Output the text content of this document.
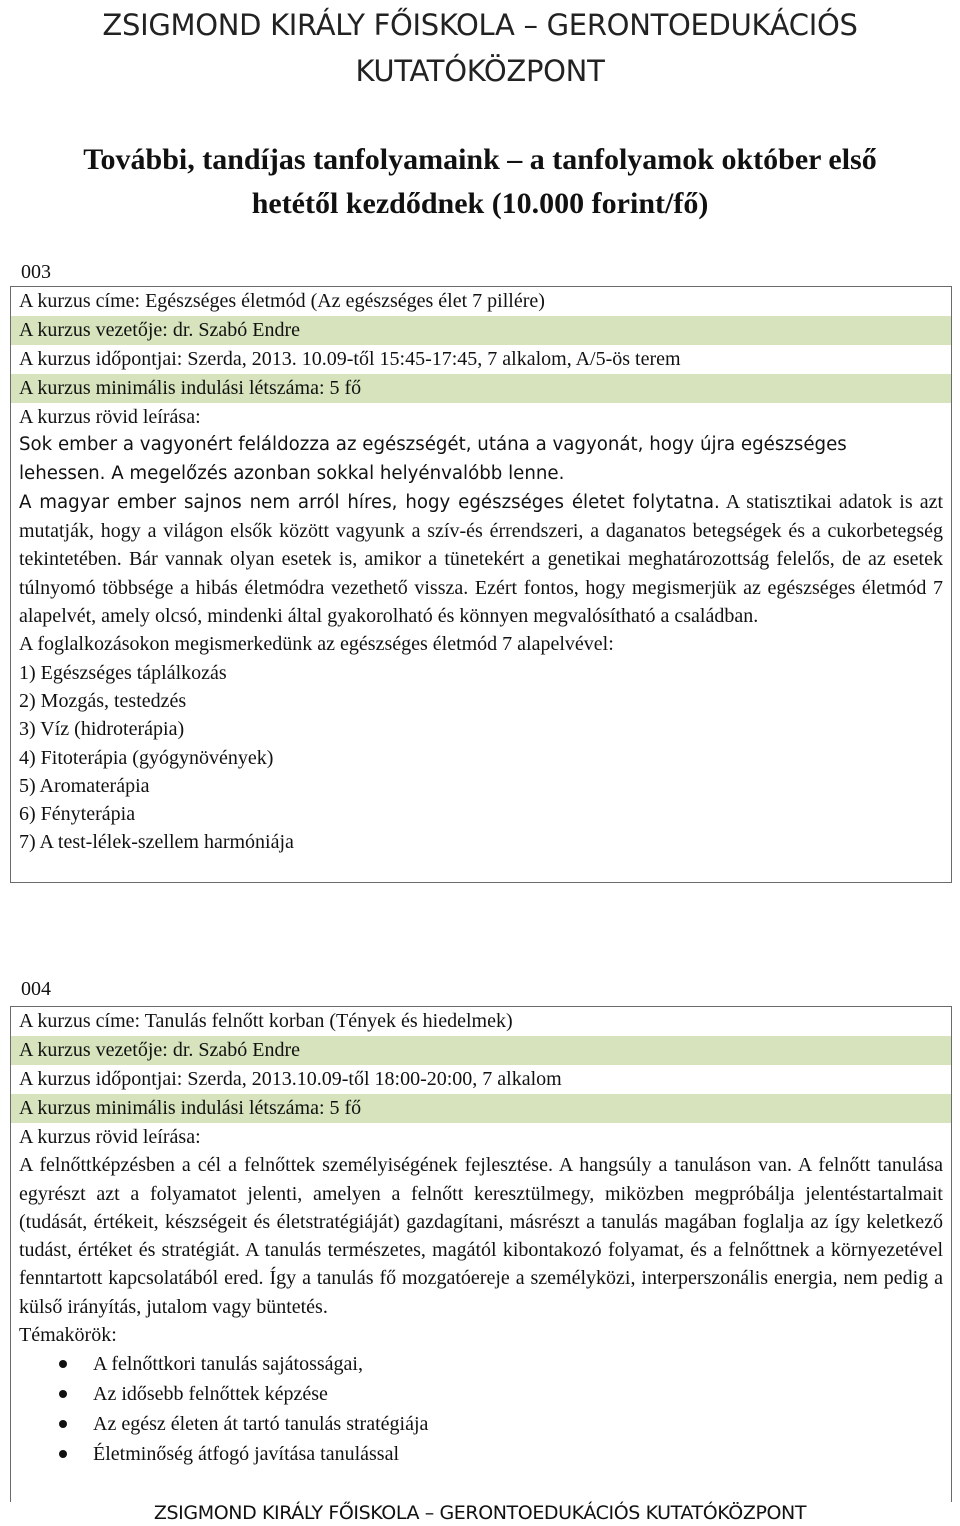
ZSIGMOND KIRÁLY FŐISKOLA – GERONTOEDUKÁCIÓS
KUTATÓKÖZPONT
További, tandíjas tanfolyamaink – a tanfolyamok október első
hetétől kezdődnek (10.000 forint/fő)
003
A kurzus címe: Egészséges életmód (Az egészséges élet 7 pillére)
A kurzus vezetője: dr. Szabó Endre
A kurzus időpontjai: Szerda, 2013. 10.09-től 15:45-17:45, 7 alkalom, A/5-ös terem
A kurzus minimális indulási létszáma: 5 fő
A kurzus rövid leírása:
Sok ember a vagyonért feláldozza az egészségét, utána a vagyonát, hogy újra egészséges
lehessen. A megelőzés azonban sokkal helyénvalóbb lenne.

A magyar ember sajnos nem arról híres, hogy egészséges életet folytatna. A statisztikai adatok is azt mutatják, hogy a világon elsők között vagyunk a szív-és érrendszeri, a daganatos betegségek és a cukorbetegség tekintetében. Bár vannak olyan esetek is, amikor a tünetekért a genetikai meghatározottság felelős, de az esetek túlnyomó többsége a hibás életmódra vezethető vissza. Ezért fontos, hogy megismerjük az egészséges életmód 7 alapelvét, amely olcsó, mindenki által gyakorolható és könnyen megvalósítható a családban.

A foglalkozásokon megismerkedünk az egészséges életmód 7 alapelvével:
1) Egészséges táplálkozás
2) Mozgás, testedzés
3) Víz (hidroterápia)
4) Fitoterápia (gyógynövények)
5) Aromaterápia
6) Fényterápia
7) A test-lélek-szellem harmóniája
004
A kurzus címe: Tanulás felnőtt korban (Tények és hiedelmek)
A kurzus vezetője: dr. Szabó Endre
A kurzus időpontjai: Szerda, 2013.10.09-től 18:00-20:00, 7 alkalom
A kurzus minimális indulási létszáma: 5 fő
A kurzus rövid leírása:

A felnőttképzésben a cél a felnőttek személyiségének fejlesztése. A hangsúly a tanuláson van. A felnőtt tanulása egyrészt azt a folyamatot jelenti, amelyen a felnőtt keresztülmegy, miközben megpróbálja jelentéstartalmait (tudását, értékeit, készségeit és életstratégiáját) gazdagítani, másrészt a tanulás magában foglalja az így keletkező tudást, értéket és stratégiát. A tanulás természetes, magától kibontakozó folyamat, és a felnőttnek a környezetével fenntartott kapcsolatából ered. Így a tanulás fő mozgatóereje a személyközi, interperszonális energia, nem pedig a külső irányítás, jutalom vagy büntetés.

Témakörök:
A felnőttkori tanulás sajátosságai,
Az idősebb felnőttek képzése
Az egész életen át tartó tanulás stratégiája
Életminőség átfogó javítása tanulással
ZSIGMOND KIRÁLY FŐISKOLA – GERONTOEDUKÁCIÓS KUTATÓKÖZPONT
